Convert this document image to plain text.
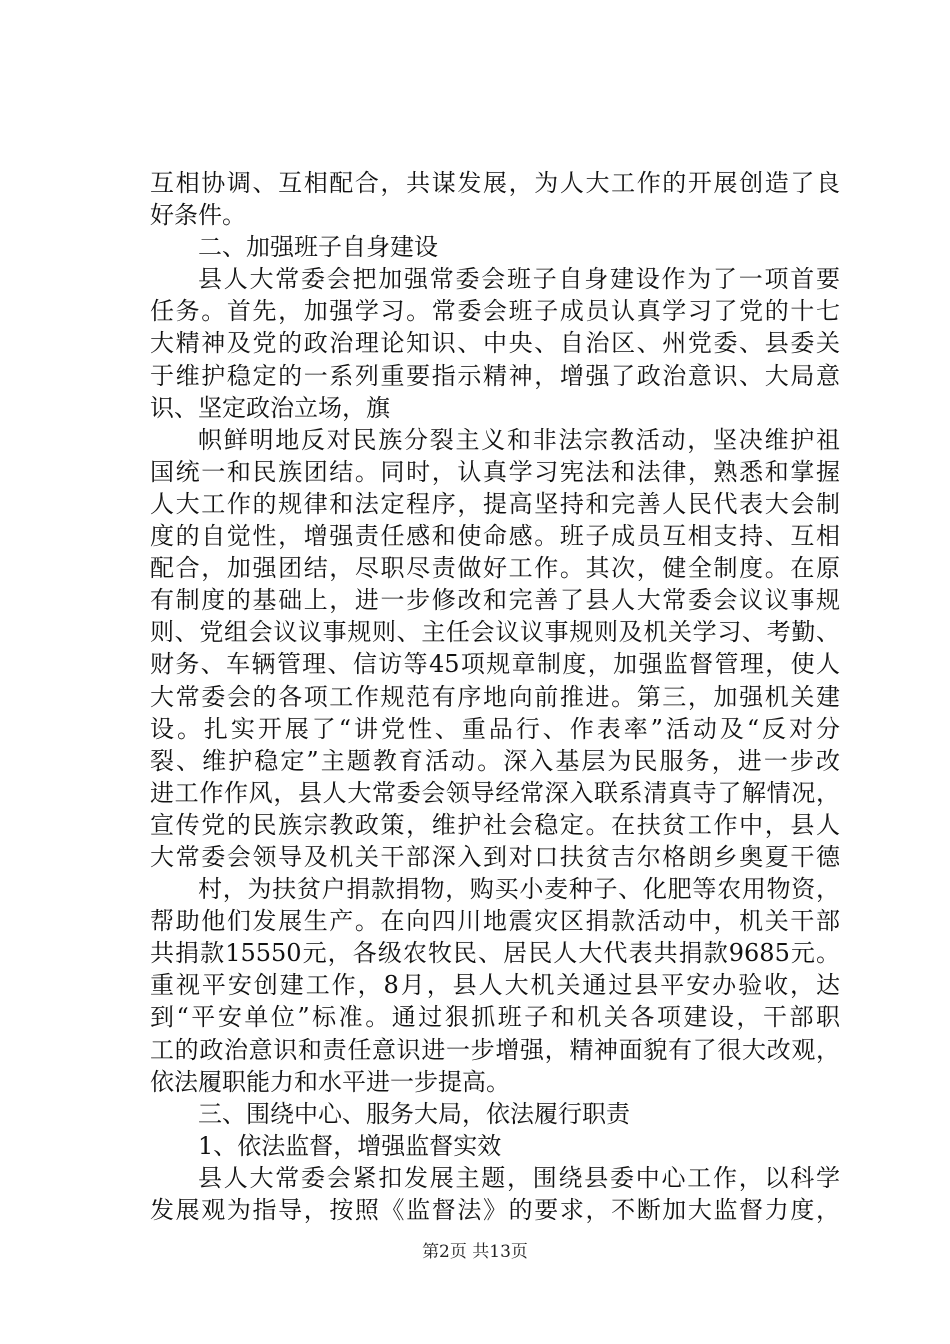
互相协调、互相配合，共谋发展，为人大工作的开展创造了良
好条件。
二、加强班子自身建设
县人大常委会把加强常委会班子自身建设作为了一项首要
任务。首先，加强学习。常委会班子成员认真学习了党的十七
大精神及党的政治理论知识、中央、自治区、州党委、县委关
于维护稳定的一系列重要指示精神，增强了政治意识、大局意
识、坚定政治立场，旗
帜鲜明地反对民族分裂主义和非法宗教活动，坚决维护祖
国统一和民族团结。同时，认真学习宪法和法律，熟悉和掌握
人大工作的规律和法定程序，提高坚持和完善人民代表大会制
度的自觉性，增强责任感和使命感。班子成员互相支持、互相
配合，加强团结，尽职尽责做好工作。其次，健全制度。在原
有制度的基础上，进一步修改和完善了县人大常委会议议事规
则、党组会议议事规则、主任会议议事规则及机关学习、考勤、
财务、车辆管理、信访等45项规章制度，加强监督管理，使人
大常委会的各项工作规范有序地向前推进。第三，加强机关建
设。扎实开展了“讲党性、重品行、作表率”活动及“反对分
裂、维护稳定”主题教育活动。深入基层为民服务，进一步改
进工作作风，县人大常委会领导经常深入联系清真寺了解情况，
宣传党的民族宗教政策，维护社会稳定。在扶贫工作中，县人
大常委会领导及机关干部深入到对口扶贫吉尔格朗乡奥夏干德
村，为扶贫户捐款捐物，购买小麦种子、化肥等农用物资，
帮助他们发展生产。在向四川地震灾区捐款活动中，机关干部
共捐款15550元，各级农牧民、居民人大代表共捐款9685元。
重视平安创建工作，8月，县人大机关通过县平安办验收，达
到“平安单位”标准。通过狠抓班子和机关各项建设，干部职
工的政治意识和责任意识进一步增强，精神面貌有了很大改观，
依法履职能力和水平进一步提高。
三、围绕中心、服务大局，依法履行职责
1、依法监督，增强监督实效
县人大常委会紧扣发展主题，围绕县委中心工作，以科学
发展观为指导，按照《监督法》的要求，不断加大监督力度，
第2页 共13页
